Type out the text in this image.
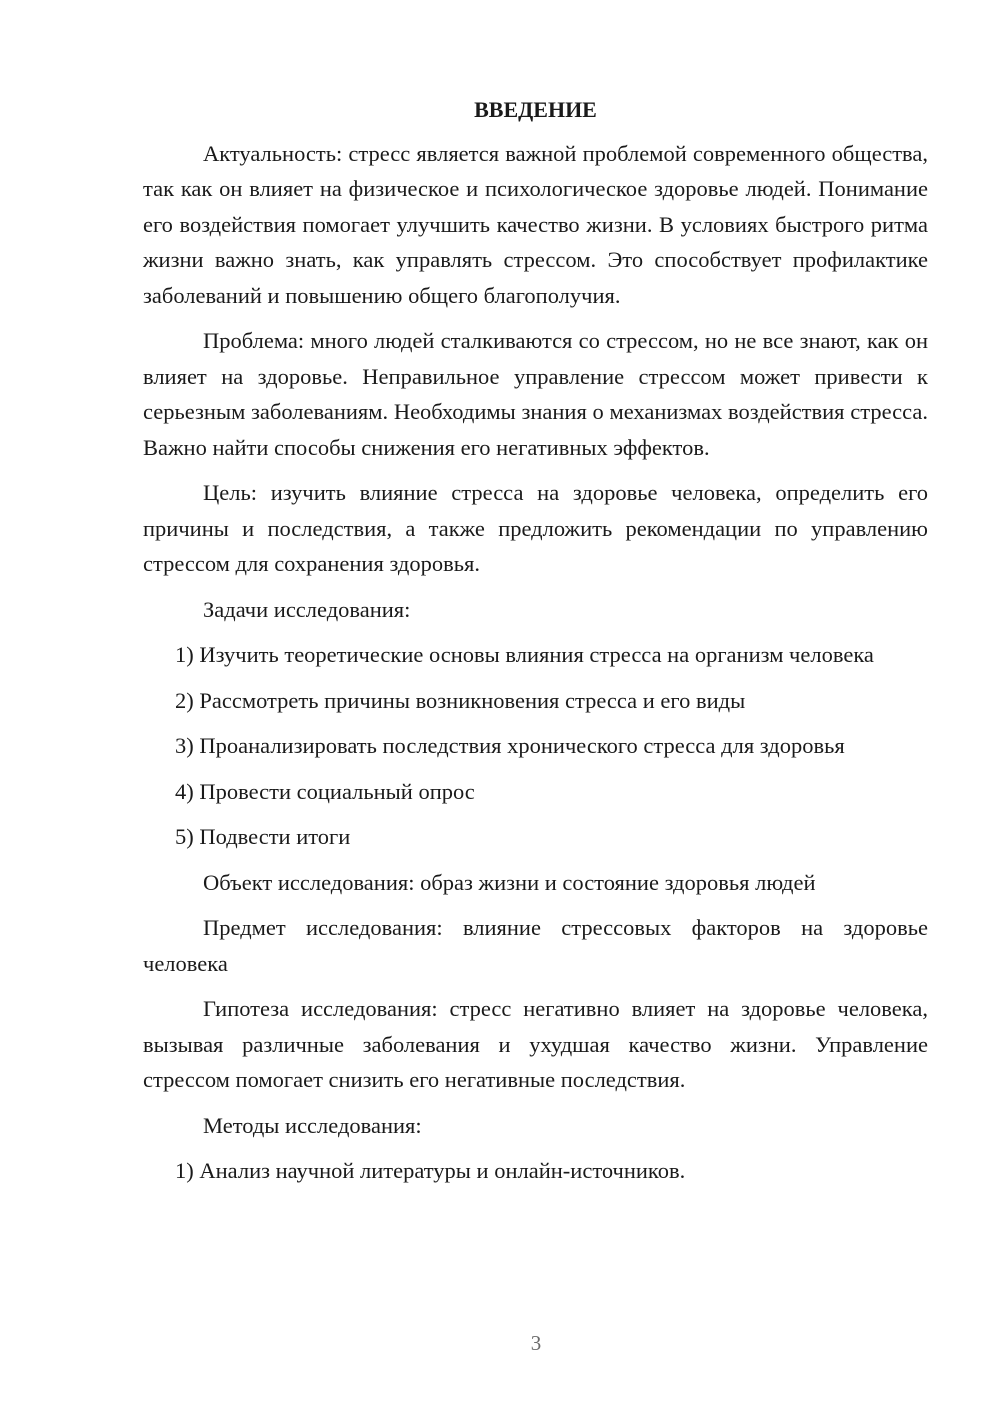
ВВЕДЕНИЕ

Актуальность: стресс является важной проблемой современного общества, так как он влияет на физическое и психологическое здоровье людей. Понимание его воздействия помогает улучшить качество жизни. В условиях быстрого ритма жизни важно знать, как управлять стрессом. Это способствует профилактике заболеваний и повышению общего благополучия.

Проблема: много людей сталкиваются со стрессом, но не все знают, как он влияет на здоровье. Неправильное управление стрессом может привести к серьезным заболеваниям. Необходимы знания о механизмах воздействия стресса. Важно найти способы снижения его негативных эффектов.

Цель: изучить влияние стресса на здоровье человека, определить его причины и последствия, а также предложить рекомендации по управлению стрессом для сохранения здоровья.

Задачи исследования:

1) Изучить теоретические основы влияния стресса на организм человека

2) Рассмотреть причины возникновения стресса и его виды

3) Проанализировать последствия хронического стресса для здоровья

4) Провести социальный опрос

5) Подвести итоги

Объект исследования: образ жизни и состояние здоровья людей

Предмет исследования: влияние стрессовых факторов на здоровье человека

Гипотеза исследования: стресс негативно влияет на здоровье человека, вызывая различные заболевания и ухудшая качество жизни. Управление стрессом помогает снизить его негативные последствия.

Методы исследования:

1) Анализ научной литературы и онлайн-источников.

3
